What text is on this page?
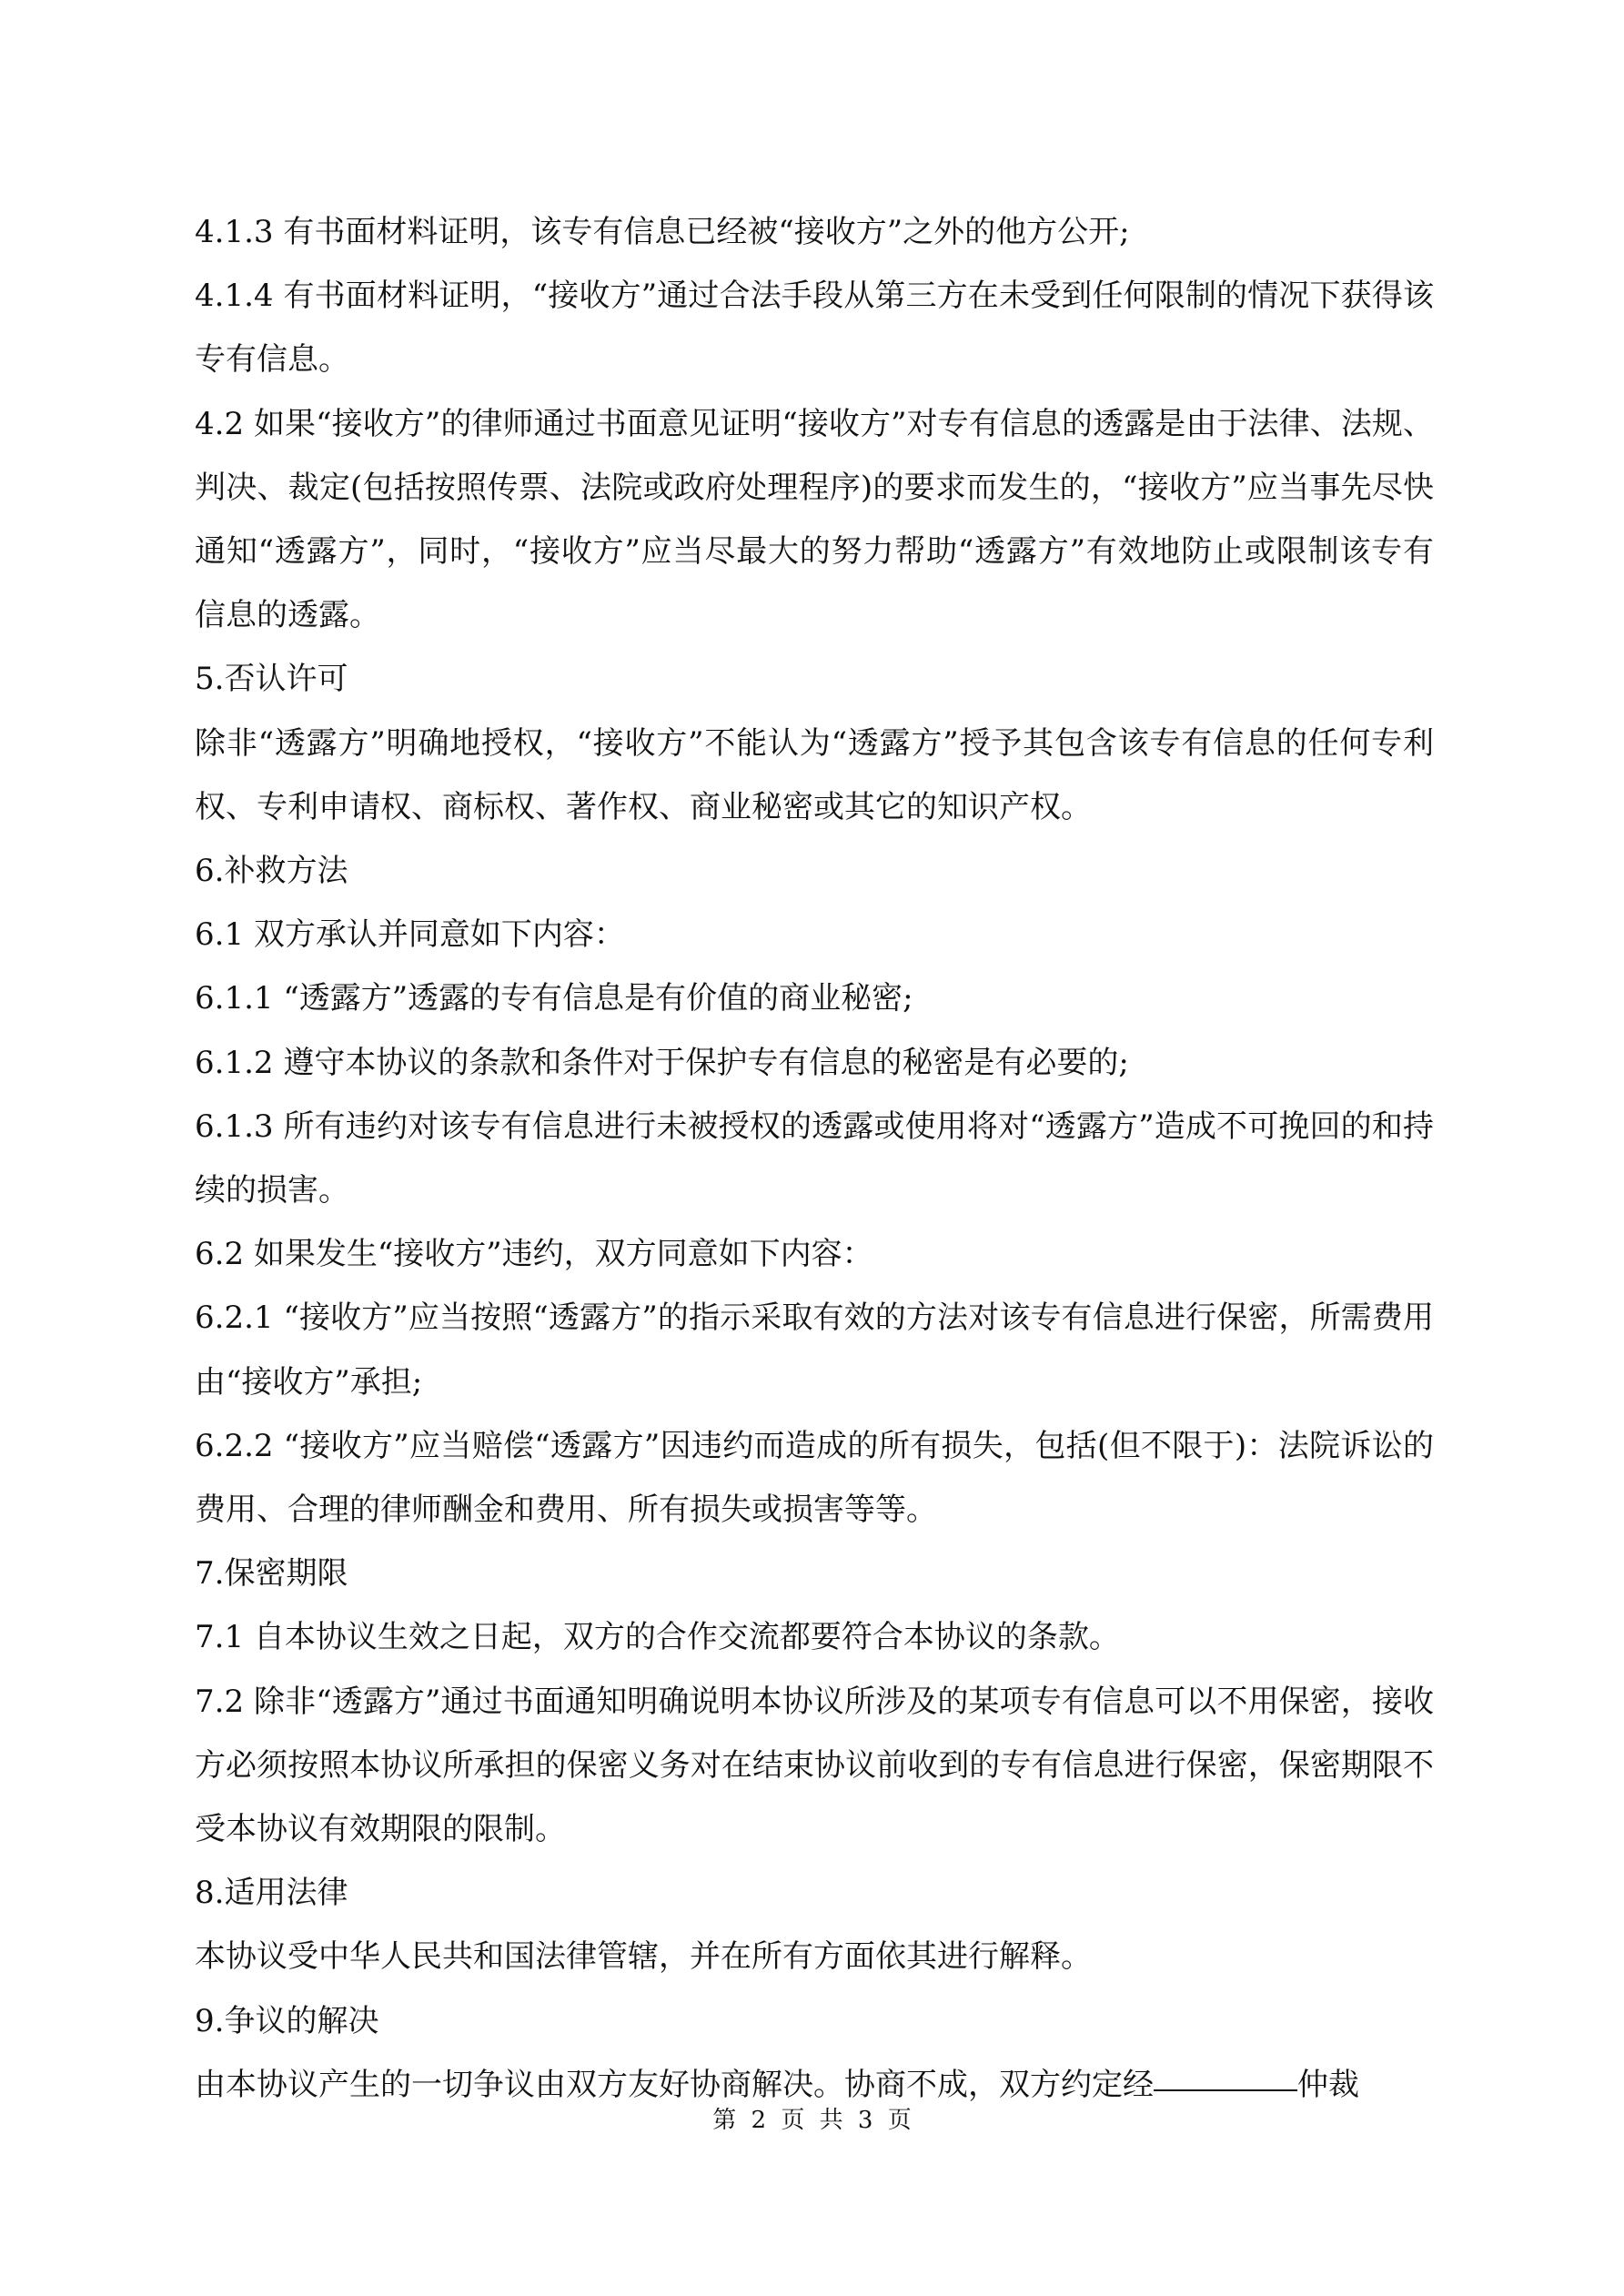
4.1.3 有书面材料证明，该专有信息已经被“接收方”之外的他方公开;

4.1.4 有书面材料证明，“接收方”通过合法手段从第三方在未受到任何限制的情况下获得该专有信息。

4.2 如果“接收方”的律师通过书面意见证明“接收方”对专有信息的透露是由于法律、法规、判决、裁定(包括按照传票、法院或政府处理程序)的要求而发生的，“接收方”应当事先尽快通知“透露方”，同时，“接收方”应当尽最大的努力帮助“透露方”有效地防止或限制该专有信息的透露。

5.否认许可

除非“透露方”明确地授权，“接收方”不能认为“透露方”授予其包含该专有信息的任何专利权、专利申请权、商标权、著作权、商业秘密或其它的知识产权。

6.补救方法

6.1 双方承认并同意如下内容：

6.1.1 “透露方”透露的专有信息是有价值的商业秘密;

6.1.2 遵守本协议的条款和条件对于保护专有信息的秘密是有必要的;

6.1.3 所有违约对该专有信息进行未被授权的透露或使用将对“透露方”造成不可挽回的和持续的损害。

6.2 如果发生“接收方”违约，双方同意如下内容：

6.2.1 “接收方”应当按照“透露方”的指示采取有效的方法对该专有信息进行保密，所需费用由“接收方”承担;

6.2.2 “接收方”应当赔偿“透露方”因违约而造成的所有损失，包括(但不限于)：法院诉讼的费用、合理的律师酬金和费用、所有损失或损害等等。

7.保密期限

7.1 自本协议生效之日起，双方的合作交流都要符合本协议的条款。

7.2 除非“透露方”通过书面通知明确说明本协议所涉及的某项专有信息可以不用保密，接收方必须按照本协议所承担的保密义务对在结束协议前收到的专有信息进行保密，保密期限不受本协议有效期限的限制。

8.适用法律

本协议受中华人民共和国法律管辖，并在所有方面依其进行解释。

9.争议的解决

由本协议产生的一切争议由双方友好协商解决。协商不成，双方约定经	仲裁

第 2 页 共 3 页
